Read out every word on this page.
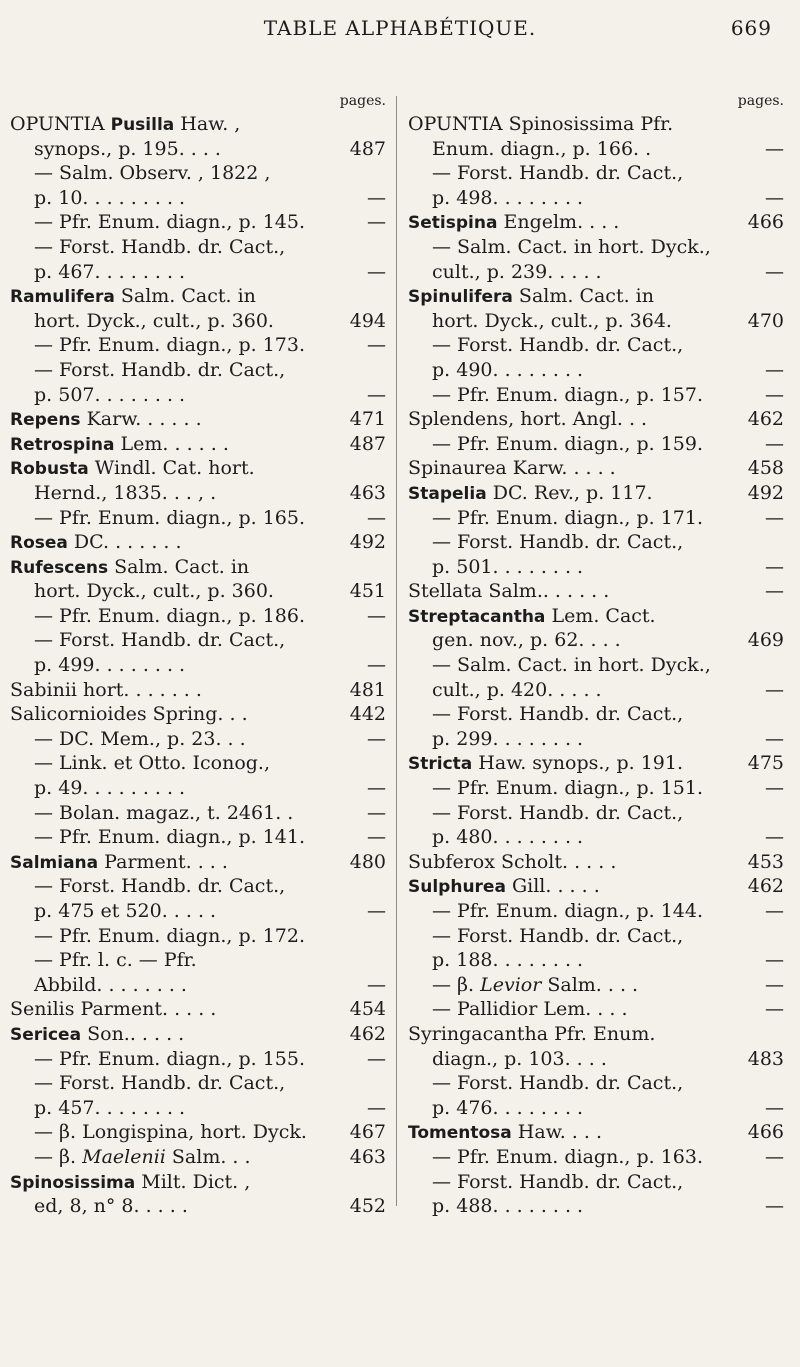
TABLE ALPHABÉTIQUE.	669
pages.
OPUNTIA Pusilla Haw. ,
synops., p. 195. . . .	487
— Salm. Observ. , 1822 ,
p. 10. . . . . . . . .	—
— Pfr. Enum. diagn., p. 145.	—
— Forst. Handb. dr. Cact.,
p. 467. . . . . . . .	—
Ramulifera Salm. Cact. in
hort. Dyck., cult., p. 360.	494
— Pfr. Enum. diagn., p. 173.	—
— Forst. Handb. dr. Cact.,
p. 507. . . . . . . .	—
Repens Karw. . . . . .	471
Retrospina Lem. . . . . .	487
Robusta Windl. Cat. hort.
Hernd., 1835. . . , .	463
— Pfr. Enum. diagn., p. 165.	—
Rosea DC. . . . . . .	492
Rufescens Salm. Cact. in
hort. Dyck., cult., p. 360.	451
— Pfr. Enum. diagn., p. 186.	—
— Forst. Handb. dr. Cact.,
p. 499. . . . . . . .	—
Sabinii hort. . . . . . .	481
Salicornioides Spring. . .	442
— DC. Mem., p. 23. . .	—
— Link. et Otto. Iconog.,
p. 49. . . . . . . . .	—
— Bolan. magaz., t. 2461. .	—
— Pfr. Enum. diagn., p. 141.	—
Salmiana Parment. . . .	480
— Forst. Handb. dr. Cact.,
p. 475 et 520. . . . .	—
— Pfr. Enum. diagn., p. 172.
— Pfr. l. c. — Pfr.
Abbild. . . . . . . .	—
Senilis Parment. . . . .	454
Sericea Son.. . . . .	462
— Pfr. Enum. diagn., p. 155.	—
— Forst. Handb. dr. Cact.,
p. 457. . . . . . . .	—
— β. Longispina, hort. Dyck. 467
— β. Maelenii Salm. . .	463
Spinosissima Milt. Dict. ,
ed, 8, n° 8. . . . .	452
pages.
OPUNTIA Spinosissima Pfr.
Enum. diagn., p. 166. .	—
— Forst. Handb. dr. Cact.,
p. 498. . . . . . . .	—
Setispina Engelm. . . .	466
— Salm. Cact. in hort. Dyck.,
cult., p. 239. . . . .	—
Spinulifera Salm. Cact. in
hort. Dyck., cult., p. 364.	470
— Forst. Handb. dr. Cact.,
p. 490. . . . . . . .	—
— Pfr. Enum. diagn., p. 157.	—
Splendens, hort. Angl. . .	462
— Pfr. Enum. diagn., p. 159.	—
Spinaurea Karw. . . . .	458
Stapelia DC. Rev., p. 117.	492
— Pfr. Enum. diagn., p. 171.	—
— Forst. Handb. dr. Cact.,
p. 501. . . . . . . .	—
Stellata Salm.. . . . . .	—
Streptacantha Lem. Cact.
gen. nov., p. 62. . . .	469
— Salm. Cact. in hort. Dyck.,
cult., p. 420. . . . .	—
— Forst. Handb. dr. Cact.,
p. 299. . . . . . . .	—
Stricta Haw. synops., p. 191.	475
— Pfr. Enum. diagn., p. 151.	—
— Forst. Handb. dr. Cact.,
p. 480. . . . . . . .	—
Subferox Scholt. . . . .	453
Sulphurea Gill. . . . .	462
— Pfr. Enum. diagn., p. 144.	—
— Forst. Handb. dr. Cact.,
p. 188. . . . . . . .	—
— β. Levior Salm. . . .	—
— Pallidior Lem. . . .	—
Syringacantha Pfr. Enum.
diagn., p. 103. . . .	483
— Forst. Handb. dr. Cact.,
p. 476. . . . . . . .	—
Tomentosa Haw. . . .	466
— Pfr. Enum. diagn., p. 163.	—
— Forst. Handb. dr. Cact.,
p. 488. . . . . . . .	—
